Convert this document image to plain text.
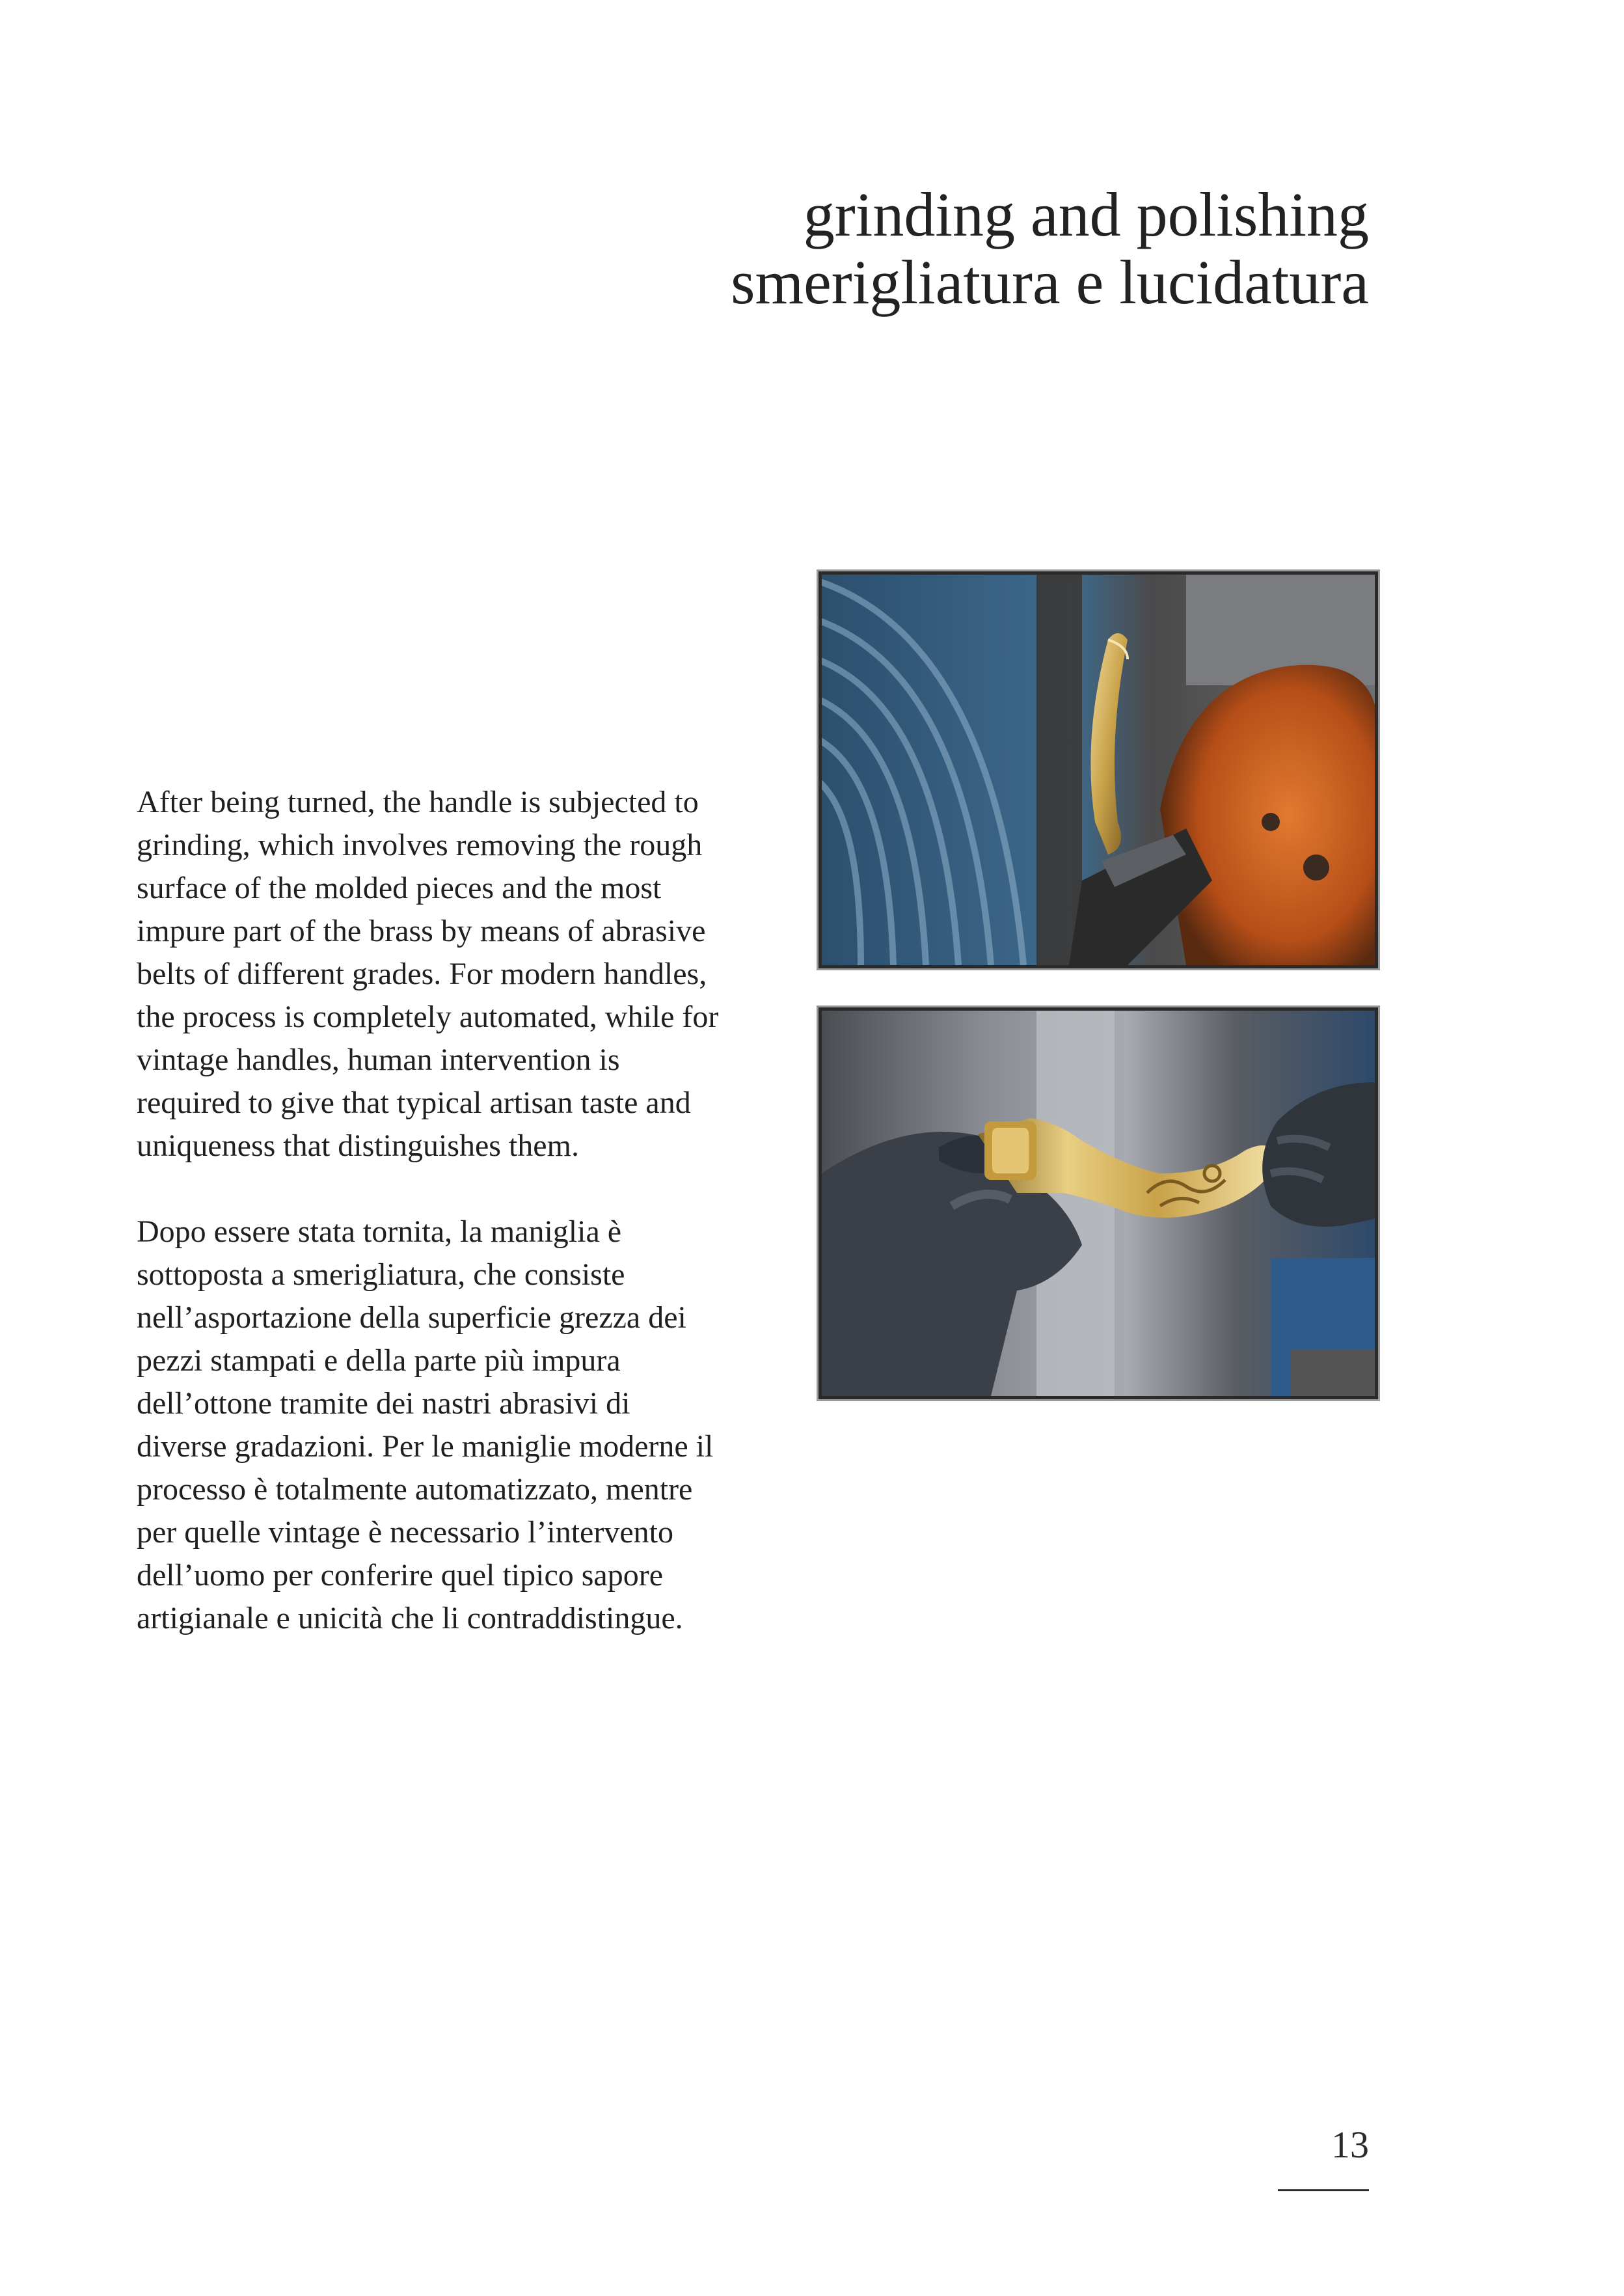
grinding and polishing
smerigliatura e lucidatura

After being turned, the handle is subjected to grinding, which involves removing the rough surface of the molded pieces and the most impure part of the brass by means of abrasive belts of different grades. For modern handles, the process is completely automated, while for vintage handles, human intervention is required to give that typical artisan taste and uniqueness that distinguishes them.

Dopo essere stata tornita, la maniglia è sottoposta a smerigliatura, che consiste nell’asportazione della superficie grezza dei pezzi stampati e della parte più impura dell’ottone tramite dei nastri abrasivi di diverse gradazioni. Per le maniglie moderne il processo è totalmente automatizzato, mentre per quelle vintage è necessario l’intervento dell’uomo per conferire quel tipico sapore artigianale e unicità che li contraddistingue.

13
